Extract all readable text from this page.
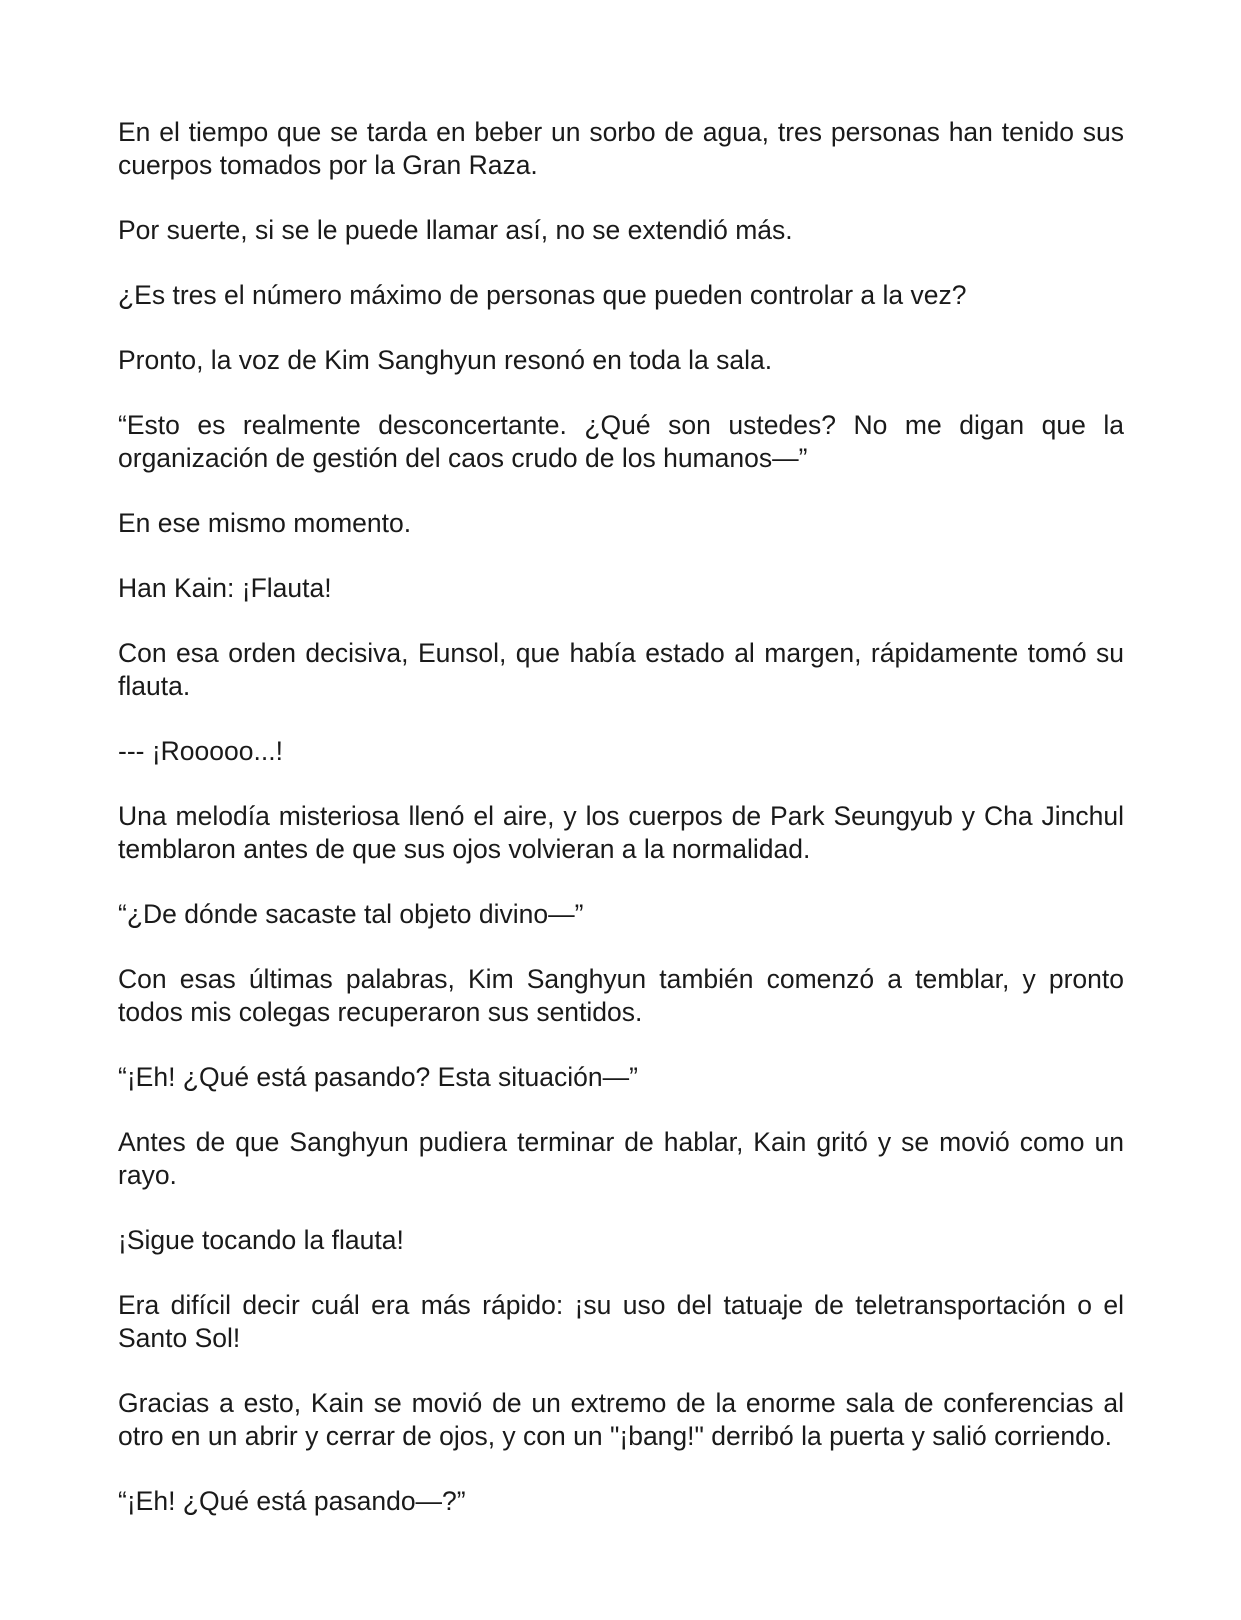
En el tiempo que se tarda en beber un sorbo de agua, tres personas han tenido sus cuerpos tomados por la Gran Raza.

Por suerte, si se le puede llamar así, no se extendió más.

¿Es tres el número máximo de personas que pueden controlar a la vez?

Pronto, la voz de Kim Sanghyun resonó en toda la sala.

“Esto es realmente desconcertante. ¿Qué son ustedes? No me digan que la organización de gestión del caos crudo de los humanos—”

En ese mismo momento.

Han Kain: ¡Flauta!

Con esa orden decisiva, Eunsol, que había estado al margen, rápidamente tomó su flauta.

--- ¡Rooooo...!

Una melodía misteriosa llenó el aire, y los cuerpos de Park Seungyub y Cha Jinchul temblaron antes de que sus ojos volvieran a la normalidad.

“¿De dónde sacaste tal objeto divino—”

Con esas últimas palabras, Kim Sanghyun también comenzó a temblar, y pronto todos mis colegas recuperaron sus sentidos.

“¡Eh! ¿Qué está pasando? Esta situación—”

Antes de que Sanghyun pudiera terminar de hablar, Kain gritó y se movió como un rayo.

¡Sigue tocando la flauta!

Era difícil decir cuál era más rápido: ¡su uso del tatuaje de teletransportación o el Santo Sol!

Gracias a esto, Kain se movió de un extremo de la enorme sala de conferencias al otro en un abrir y cerrar de ojos, y con un "¡bang!" derribó la puerta y salió corriendo.

“¡Eh! ¿Qué está pasando—?”
